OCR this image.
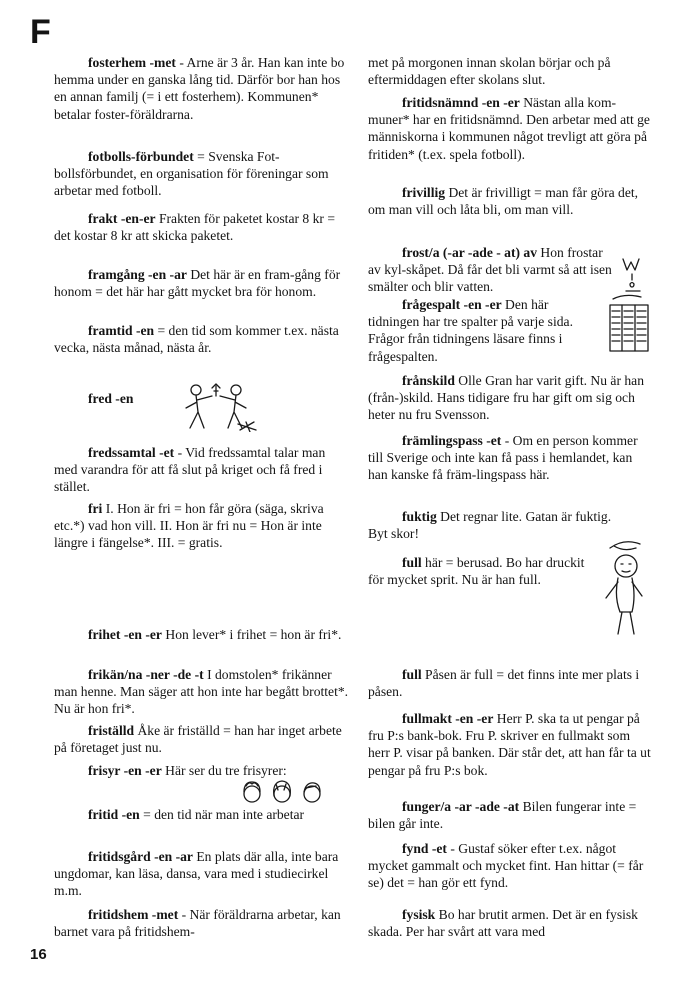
F
fosterhem -met - Arne är 3 år. Han kan inte bo hemma under en ganska lång tid. Därför bor han hos en annan familj (= i ett fosterhem). Kommunen* betalar foster-föräldrarna.
fotbolls-förbundet = Svenska Fot-bollsförbundet, en organisation för föreningar som arbetar med fotboll.
frakt -en-er Frakten för paketet kostar 8 kr = det kostar 8 kr att skicka paketet.
framgång -en -ar Det här är en fram-gång för honom = det här har gått mycket bra för honom.
framtid -en = den tid som kommer t.ex. nästa vecka, nästa månad, nästa år.
fred -en
fredssamtal -et - Vid fredssamtal talar man med varandra för att få slut på kriget och få fred i stället.
fri I. Hon är fri = hon får göra (säga, skriva etc.*) vad hon vill. II. Hon är fri nu = Hon är inte längre i fängelse*. III. = gratis.
frihet -en -er Hon lever* i frihet = hon är fri*.
frikän/na -ner -de -t I domstolen* frikänner man henne. Man säger att hon inte har begått brottet*. Nu är hon fri*.
friställd Åke är friställd = han har inget arbete på företaget just nu.
frisyr -en -er Här ser du tre frisyrer:
fritid -en = den tid när man inte arbetar
fritidsgård -en -ar En plats där alla, inte bara ungdomar, kan läsa, dansa, vara med i studiecirkel m.m.
fritidshem -met - När föräldrarna arbetar, kan barnet vara på fritidshem-
met på morgonen innan skolan börjar och på eftermiddagen efter skolans slut.
fritidsnämnd -en -er Nästan alla kom-muner* har en fritidsnämnd. Den arbetar med att ge människorna i kommunen något trevligt att göra på fritiden* (t.ex. spela fotboll).
frivillig Det är frivilligt = man får göra det, om man vill och låta bli, om man vill.
frost/a (-ar -ade - at) av Hon frostar av kyl-skåpet. Då får det bli varmt så att isen smälter och blir vatten.
frågespalt -en -er Den här tidningen har tre spalter på varje sida. Frågor från tidningens läsare finns i frågespalten.
frånskild Olle Gran har varit gift. Nu är han (från-)skild. Hans tidigare fru har gift om sig och heter nu fru Svensson.
främlingspass -et - Om en person kommer till Sverige och inte kan få pass i hemlandet, kan han kanske få främ-lingspass här.
fuktig Det regnar lite. Gatan är fuktig. Byt skor!
full här = berusad. Bo har druckit för mycket sprit. Nu är han full.
full Påsen är full = det finns inte mer plats i påsen.
fullmakt -en -er Herr P. ska ta ut pengar på fru P:s bank-bok. Fru P. skriver en fullmakt som herr P. visar på banken. Där står det, att han får ta ut pengar på fru P:s bok.
funger/a -ar -ade -at Bilen fungerar inte = bilen går inte.
fynd -et - Gustaf söker efter t.ex. något mycket gammalt och mycket fint. Han hittar (= får se) det = han gör ett fynd.
fysisk Bo har brutit armen. Det är en fysisk skada. Per har svårt att vara med
16
